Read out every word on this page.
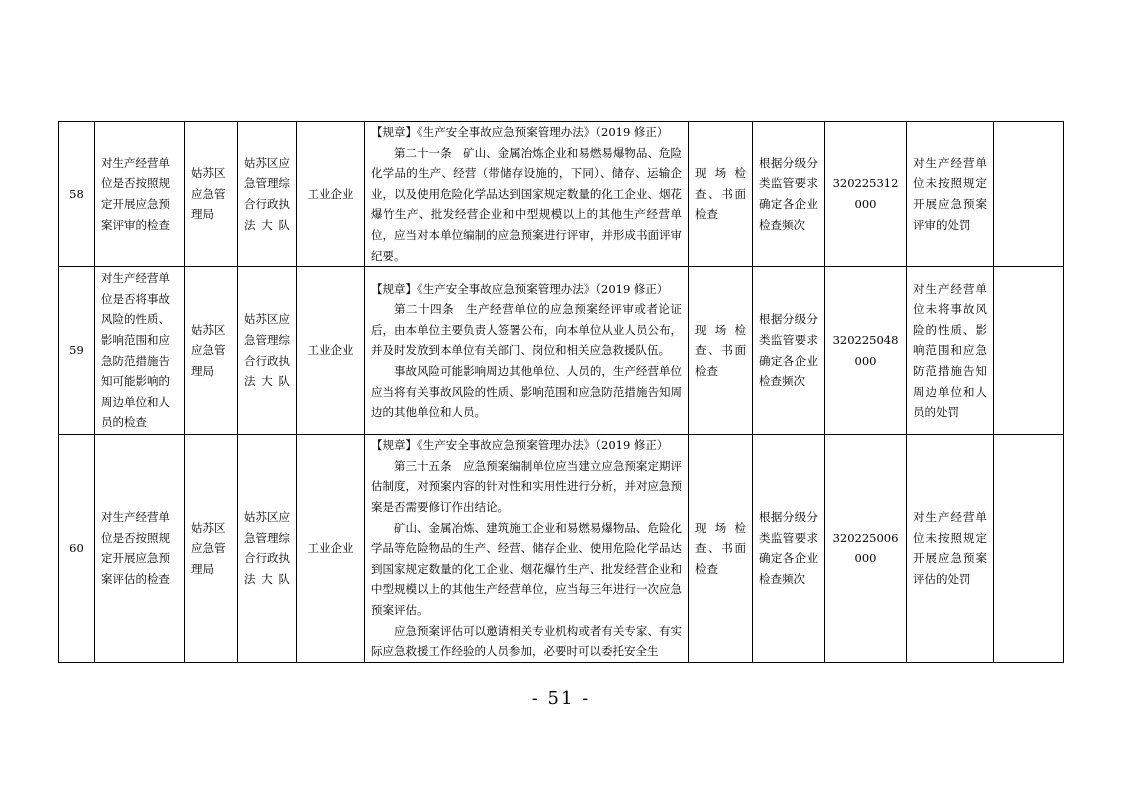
58	对生产经营单位是否按照规定开展应急预案评审的检查	姑苏区应急管理局	姑苏区应急管理综合行政执法大队	工业企业	【规章】《生产安全事故应急预案管理办法》（2019 修正）

第二十一条　矿山、金属冶炼企业和易燃易爆物品、危险化学品的生产、经营（带储存设施的，下同）、储存、运输企业，以及使用危险化学品达到国家规定数量的化工企业、烟花爆竹生产、批发经营企业和中型规模以上的其他生产经营单位，应当对本单位编制的应急预案进行评审，并形成书面评审纪要。	现场检查、书面检查	根据分级分类监管要求确定各企业检查频次	320225312000	对生产经营单位未按照规定开展应急预案评审的处罚	
59	对生产经营单位是否将事故风险的性质、影响范围和应急防范措施告知可能影响的周边单位和人员的检查	姑苏区应急管理局	姑苏区应急管理综合行政执法大队	工业企业	【规章】《生产安全事故应急预案管理办法》（2019 修正）

第二十四条　生产经营单位的应急预案经评审或者论证后，由本单位主要负责人签署公布，向本单位从业人员公布，并及时发放到本单位有关部门、岗位和相关应急救援队伍。

事故风险可能影响周边其他单位、人员的，生产经营单位应当将有关事故风险的性质、影响范围和应急防范措施告知周边的其他单位和人员。	现场检查、书面检查	根据分级分类监管要求确定各企业检查频次	320225048000	对生产经营单位未将事故风险的性质、影响范围和应急防范措施告知周边单位和人员的处罚	
60	对生产经营单位是否按照规定开展应急预案评估的检查	姑苏区应急管理局	姑苏区应急管理综合行政执法大队	工业企业	【规章】《生产安全事故应急预案管理办法》（2019 修正）

第三十五条　应急预案编制单位应当建立应急预案定期评估制度，对预案内容的针对性和实用性进行分析，并对应急预案是否需要修订作出结论。

矿山、金属冶炼、建筑施工企业和易燃易爆物品、危险化学品等危险物品的生产、经营、储存企业、使用危险化学品达到国家规定数量的化工企业、烟花爆竹生产、批发经营企业和中型规模以上的其他生产经营单位，应当每三年进行一次应急预案评估。

应急预案评估可以邀请相关专业机构或者有关专家、有实际应急救援工作经验的人员参加，必要时可以委托安全生	现场检查、书面检查	根据分级分类监管要求确定各企业检查频次	320225006000	对生产经营单位未按照规定开展应急预案评估的处罚	
- 51 -
